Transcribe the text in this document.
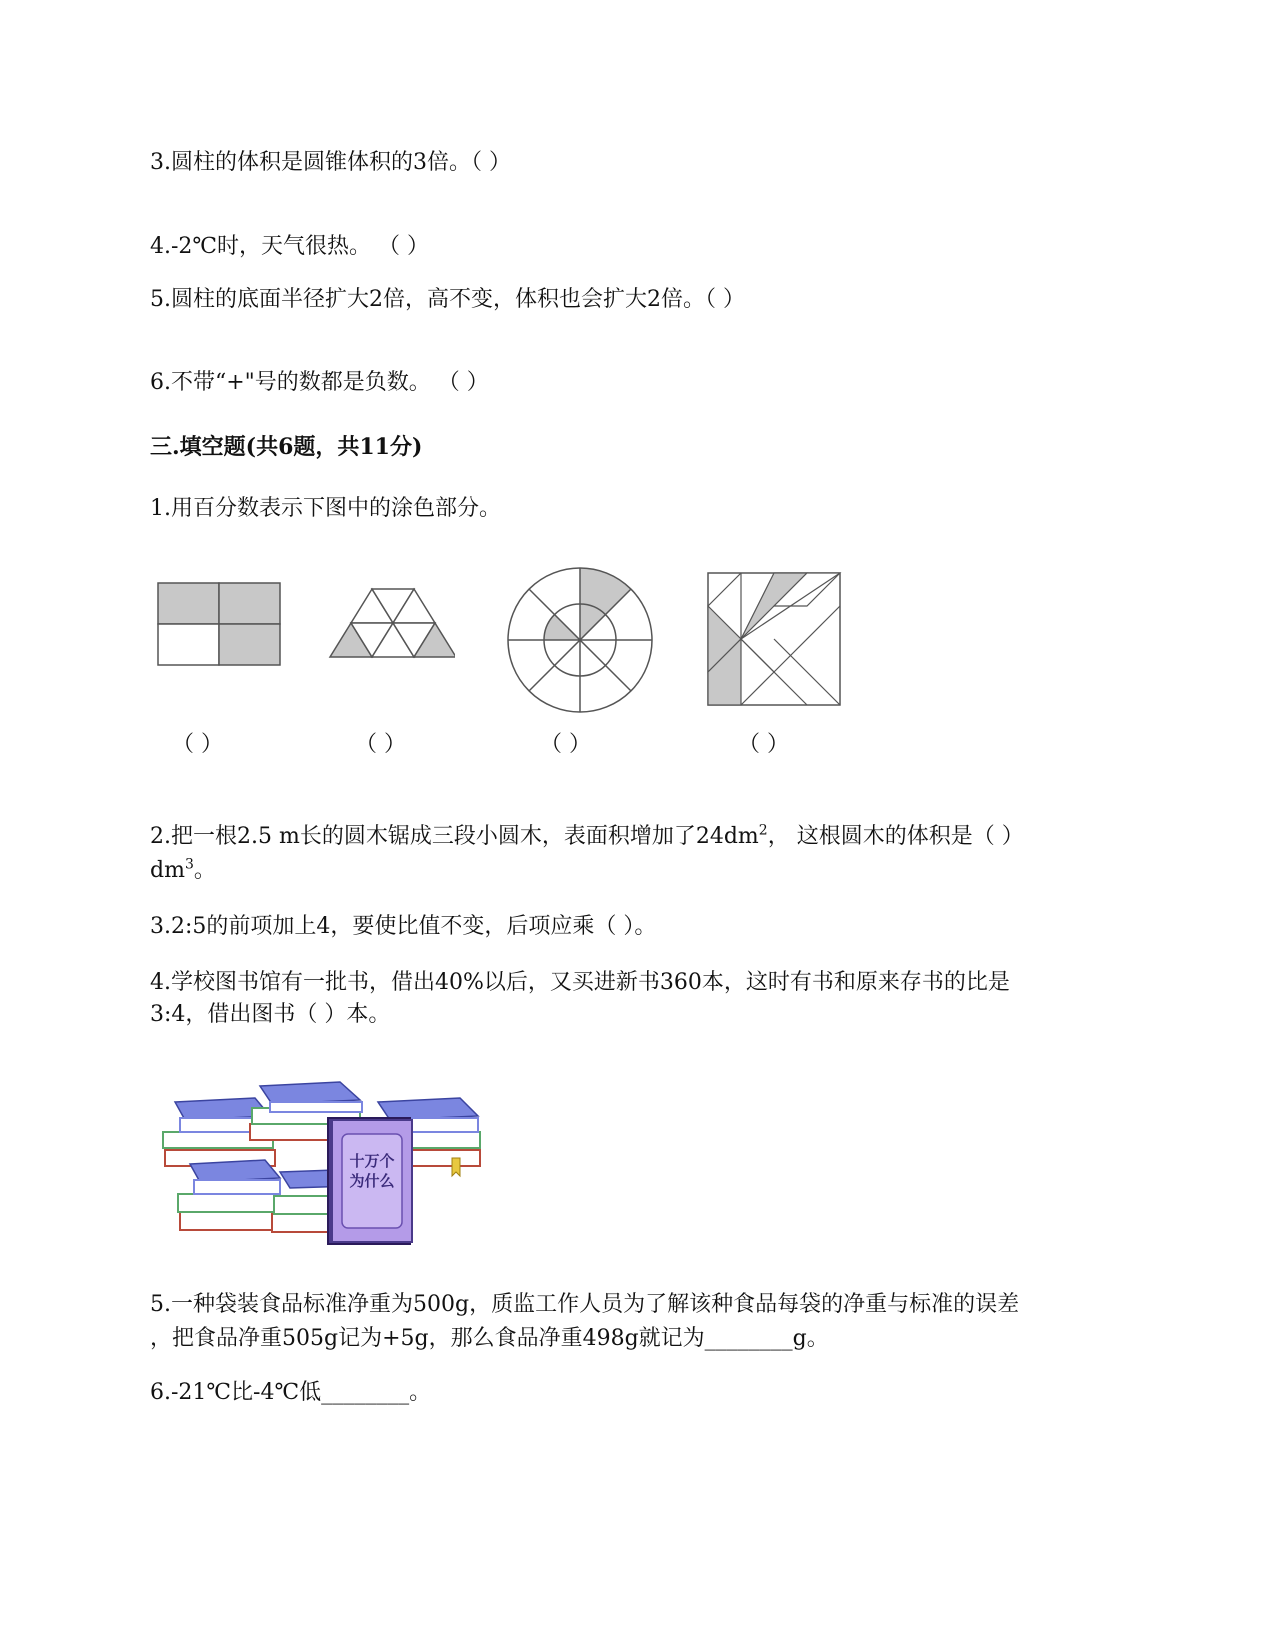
3.圆柱的体积是圆锥体积的3倍。（ ）
4.-2℃时，天气很热。 （ ）
5.圆柱的底面半径扩大2倍，高不变，体积也会扩大2倍。（ ）
6.不带“+"号的数都是负数。 （ ）
三.填空题(共6题，共11分)
1.用百分数表示下图中的涂色部分。
（ ）	（ ）	（ ）	（ ）
2.把一根2.5 m长的圆木锯成三段小圆木，表面积增加了$24dm^2$， 这根圆木的体积是（ ）
$dm^3$。
3.2:5的前项加上4，要使比值不变，后项应乘（ ）。
4.学校图书馆有一批书，借出40%以后，又买进新书360本，这时有书和原来存书的比是
3:4，借出图书（ ）本。
十万个
为什么
5.一种袋装食品标准净重为500g，质监工作人员为了解该种食品每袋的净重与标准的误差
，把食品净重505g记为+5g，那么食品净重498g就记为________g。
6.-21℃比-4℃低________。
